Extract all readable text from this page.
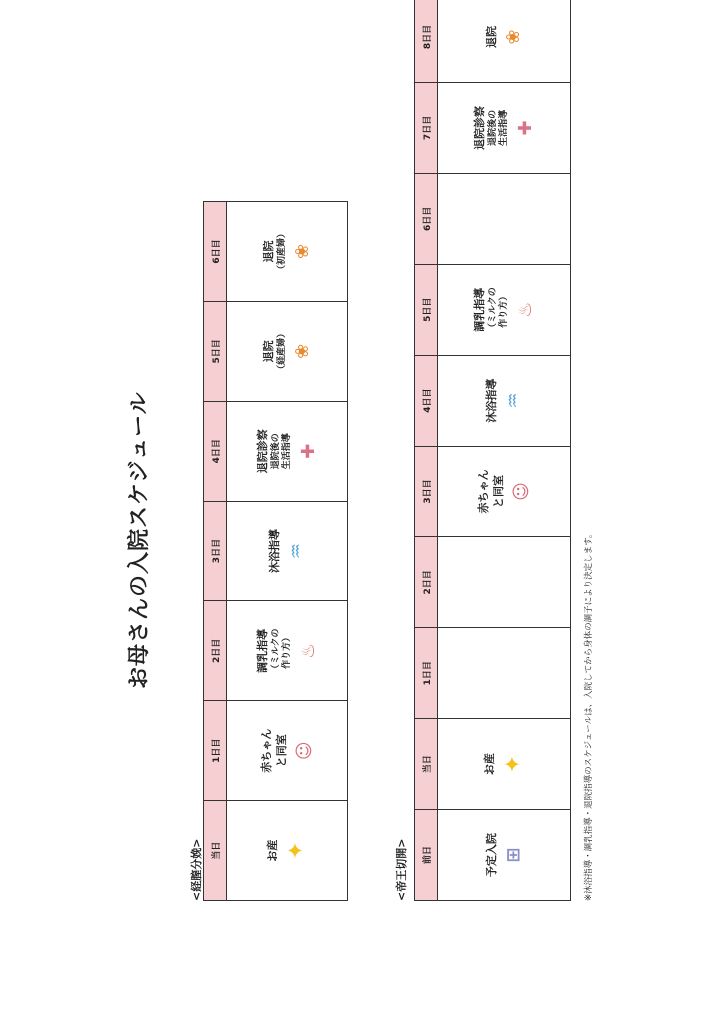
お母さんの入院スケジュール
<経膣分娩> 当日	1日目	2日目	3日目	4日目	5日目	6日目

お産 ✦	赤ちゃん
と同室 ☺	調乳指導 （ミルクの
作り方） ♨	沐浴指導 ♒	退院診察 退院後の
生活指導 ✚	退院 （経産婦） ❀	退院 （初産婦） ❀
<帝王切開> 前日	当日	1日目	2日目	3日目	4日目	5日目	6日目	7日目	8日目

予定入院 ⊞	お産 ✦			赤ちゃん
と同室 ☺	沐浴指導 ♒	調乳指導 （ミルクの
作り方） ♨		退院診察 退院後の
生活指導 ✚	退院 ❀
※沐浴指導・調乳指導・退院指導のスケジュールは、入院してから身体の調子により決定します。
